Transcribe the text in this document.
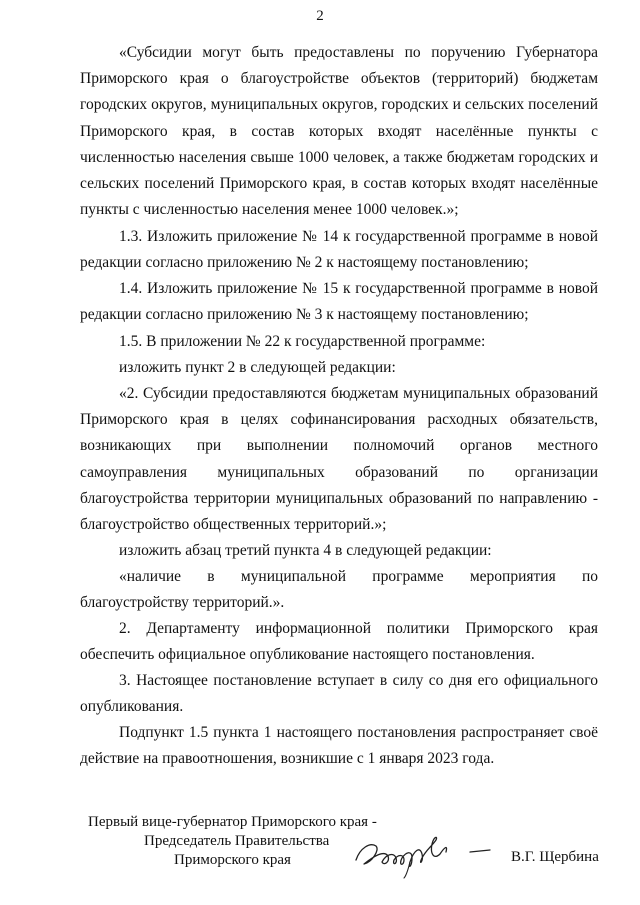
2

«Субсидии могут быть предоставлены по поручению Губернатора Приморского края о благоустройстве объектов (территорий) бюджетам городских округов, муниципальных округов, городских и сельских поселений Приморского края, в состав которых входят населённые пункты с численностью населения свыше 1000 человек, а также бюджетам городских и сельских поселений Приморского края, в состав которых входят населённые пункты с численностью населения менее 1000 человек.»;

1.3. Изложить приложение № 14 к государственной программе в новой редакции согласно приложению № 2 к настоящему постановлению;

1.4. Изложить приложение № 15 к государственной программе в новой редакции согласно приложению № 3 к настоящему постановлению;

1.5. В приложении № 22 к государственной программе:

изложить пункт 2 в следующей редакции:

«2. Субсидии предоставляются бюджетам муниципальных образований Приморского края в целях софинансирования расходных обязательств, возникающих при выполнении полномочий органов местного самоуправления муниципальных образований по организации благоустройства территории муниципальных образований по направлению - благоустройство общественных территорий.»;

изложить абзац третий пункта 4 в следующей редакции:

«наличие в муниципальной программе мероприятия по благоустройству территорий.».

2. Департаменту информационной политики Приморского края обеспечить официальное опубликование настоящего постановления.

3. Настоящее постановление вступает в силу со дня его официального опубликования.

Подпункт 1.5 пункта 1 настоящего постановления распространяет своё действие на правоотношения, возникшие с 1 января 2023 года.

Первый вице-губернатор Приморского края -
Председатель Правительства
Приморского края	В.Г. Щербина
